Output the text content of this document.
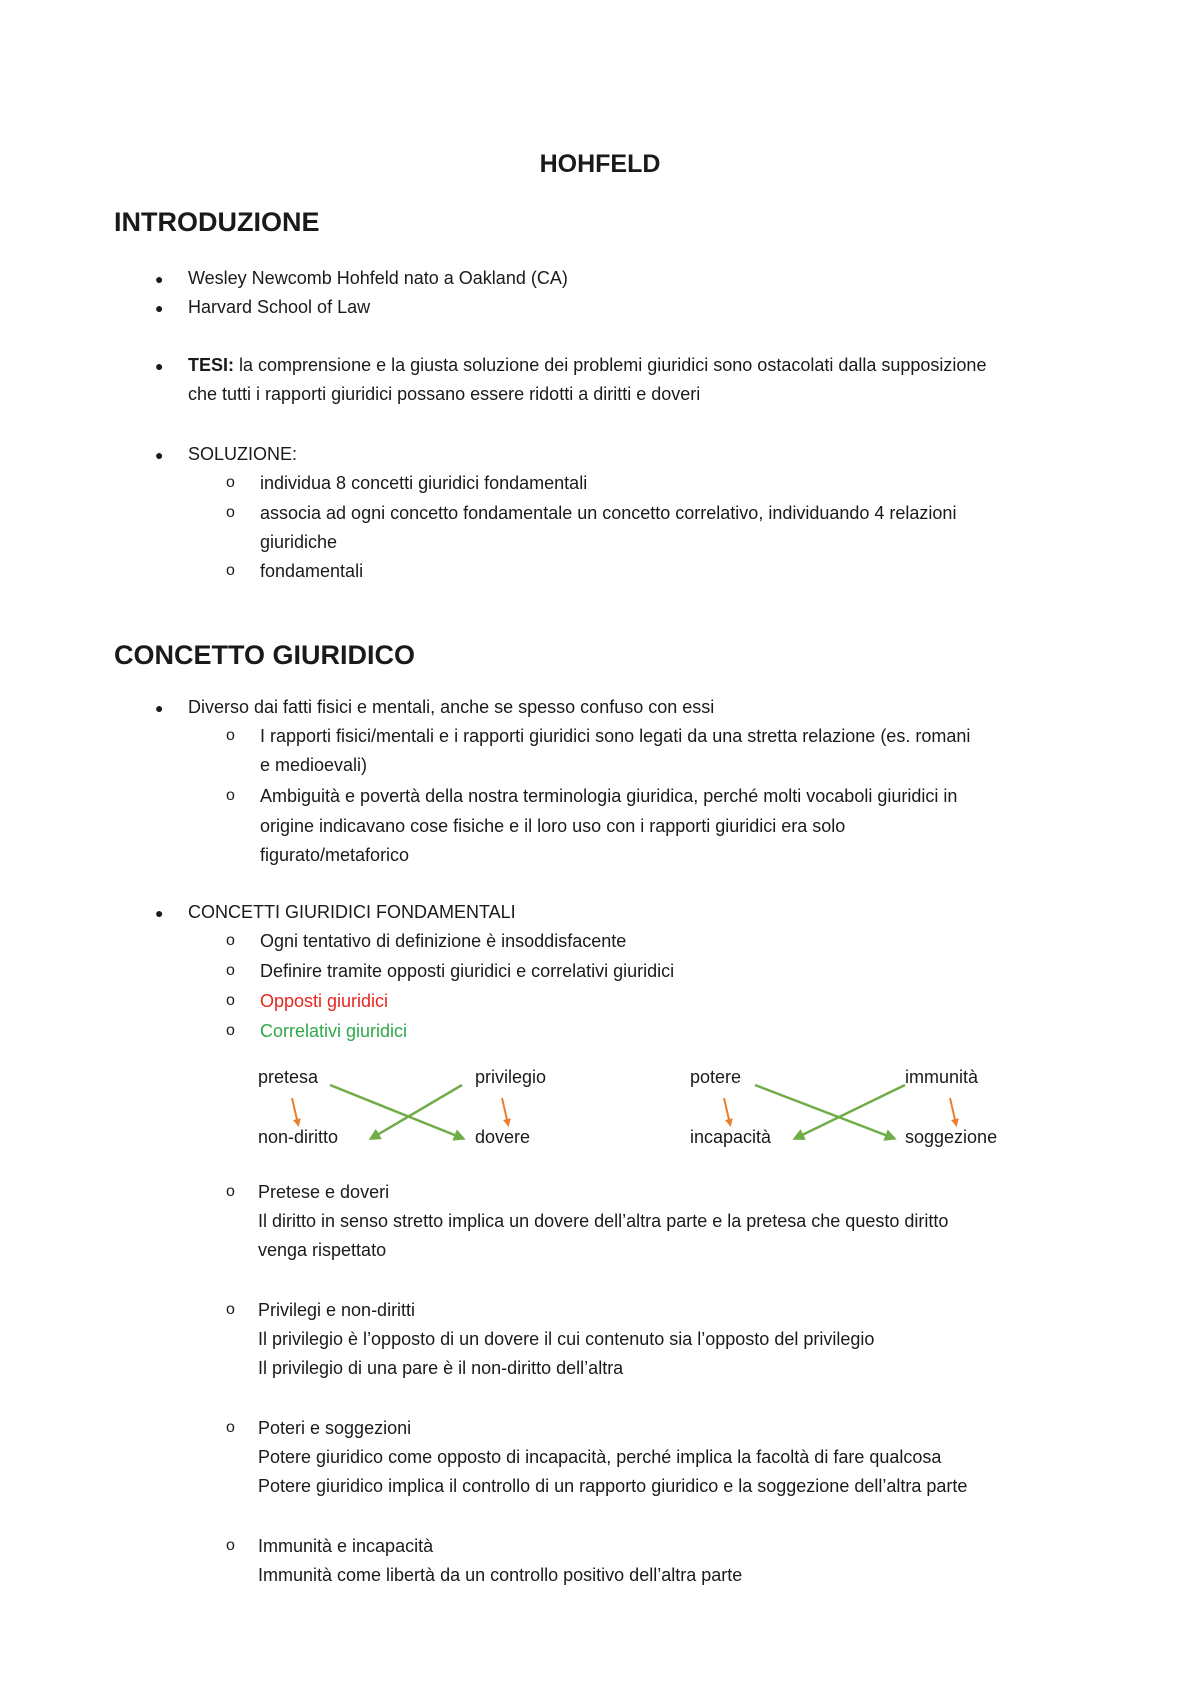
HOHFELD
INTRODUZIONE
● Wesley Newcomb Hohfeld nato a Oakland (CA)
● Harvard School of Law
● TESI: la comprensione e la giusta soluzione dei problemi giuridici sono ostacolati dalla supposizione
che tutti i rapporti giuridici possano essere ridotti a diritti e doveri
● SOLUZIONE:
o individua 8 concetti giuridici fondamentali
o associa ad ogni concetto fondamentale un concetto correlativo, individuando 4 relazioni
giuridiche
o fondamentali
CONCETTO GIURIDICO
● Diverso dai fatti fisici e mentali, anche se spesso confuso con essi
o I rapporti fisici/mentali e i rapporti giuridici sono legati da una stretta relazione (es. romani
e medioevali)
o Ambiguità e povertà della nostra terminologia giuridica, perché molti vocaboli giuridici in
origine indicavano cose fisiche e il loro uso con i rapporti giuridici era solo
figurato/metaforico
● CONCETTI GIURIDICI FONDAMENTALI
o Ogni tentativo di definizione è insoddisfacente
o Definire tramite opposti giuridici e correlativi giuridici
o Opposti giuridici
o Correlativi giuridici
pretesa	privilegio
non-diritto	dovere
potere	immunità
incapacità	soggezione
o Pretese e doveri
Il diritto in senso stretto implica un dovere dell’altra parte e la pretesa che questo diritto
venga rispettato
o Privilegi e non-diritti
Il privilegio è l’opposto di un dovere il cui contenuto sia l’opposto del privilegio
Il privilegio di una pare è il non-diritto dell’altra
o Poteri e soggezioni
Potere giuridico come opposto di incapacità, perché implica la facoltà di fare qualcosa
Potere giuridico implica il controllo di un rapporto giuridico e la soggezione dell’altra parte
o Immunità e incapacità
Immunità come libertà da un controllo positivo dell’altra parte
